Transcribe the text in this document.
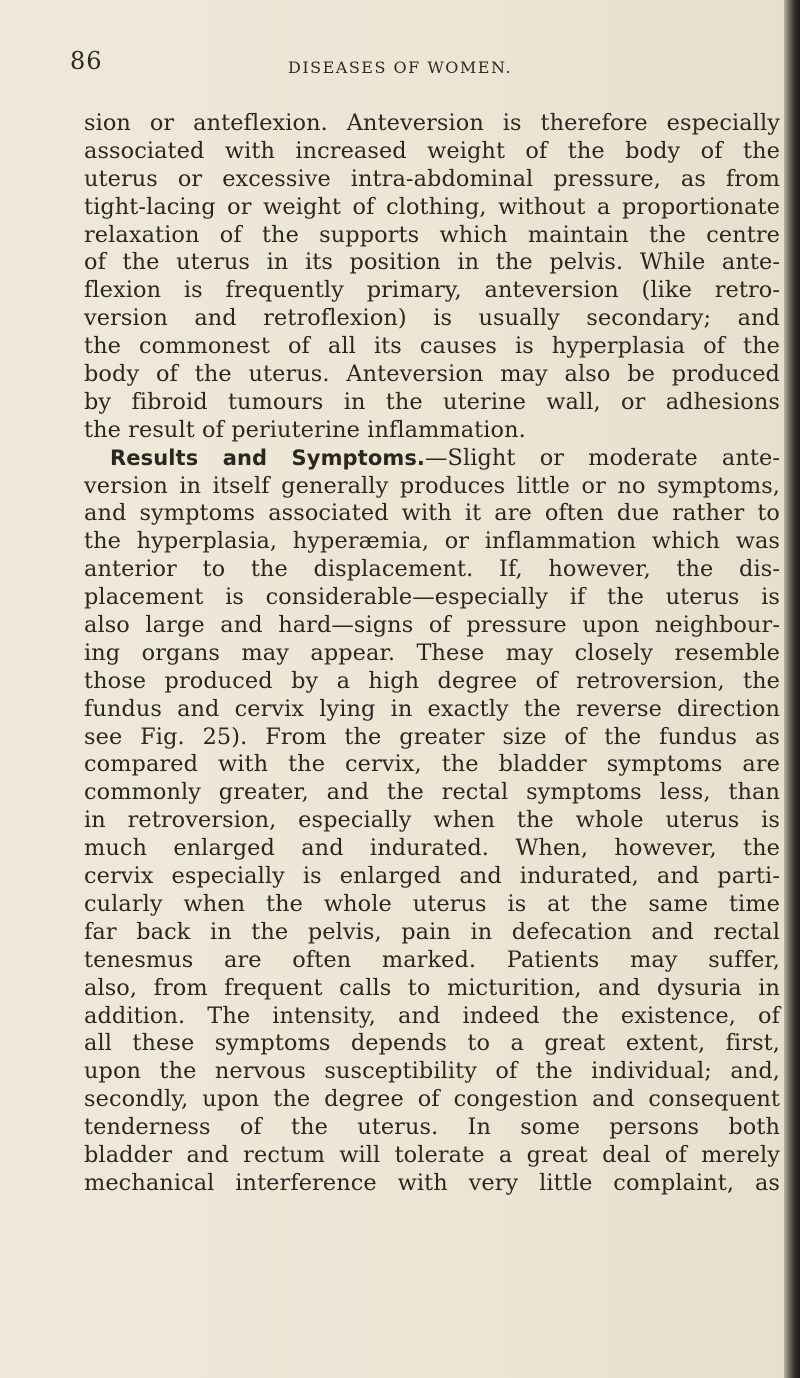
86	DISEASES OF WOMEN.
sion or anteflexion. Anteversion is therefore especially
associated with increased weight of the body of the
uterus or excessive intra-abdominal pressure, as from
tight-lacing or weight of clothing, without a proportionate
relaxation of the supports which maintain the centre
of the uterus in its position in the pelvis. While ante-
flexion is frequently primary, anteversion (like retro-
version and retroflexion) is usually secondary; and
the commonest of all its causes is hyperplasia of the
body of the uterus. Anteversion may also be produced
by fibroid tumours in the uterine wall, or adhesions
the result of periuterine inflammation.
Results and Symptoms.—Slight or moderate ante-
version in itself generally produces little or no symptoms,
and symptoms associated with it are often due rather to
the hyperplasia, hyperæmia, or inflammation which was
anterior to the displacement. If, however, the dis-
placement is considerable—especially if the uterus is
also large and hard—signs of pressure upon neighbour-
ing organs may appear. These may closely resemble
those produced by a high degree of retroversion, the
fundus and cervix lying in exactly the reverse direction
see Fig. 25). From the greater size of the fundus as
compared with the cervix, the bladder symptoms are
commonly greater, and the rectal symptoms less, than
in retroversion, especially when the whole uterus is
much enlarged and indurated. When, however, the
cervix especially is enlarged and indurated, and parti-
cularly when the whole uterus is at the same time
far back in the pelvis, pain in defecation and rectal
tenesmus are often marked. Patients may suffer,
also, from frequent calls to micturition, and dysuria in
addition. The intensity, and indeed the existence, of
all these symptoms depends to a great extent, first,
upon the nervous susceptibility of the individual; and,
secondly, upon the degree of congestion and consequent
tenderness of the uterus. In some persons both
bladder and rectum will tolerate a great deal of merely
mechanical interference with very little complaint, as
